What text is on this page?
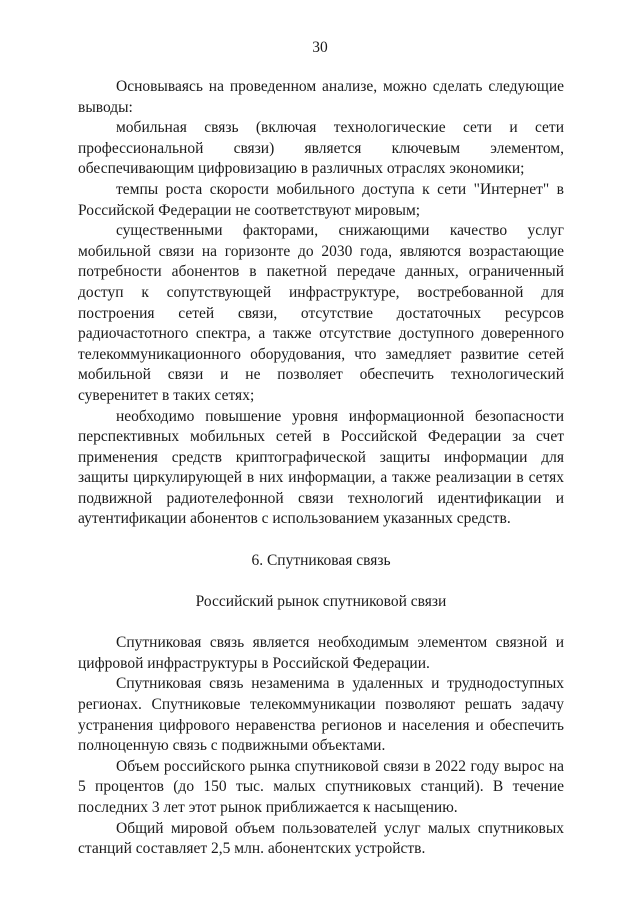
30

Основываясь на проведенном анализе, можно сделать следующие выводы:

мобильная связь (включая технологические сети и сети профессиональной связи) является ключевым элементом, обеспечивающим цифровизацию в различных отраслях экономики;

темпы роста скорости мобильного доступа к сети "Интернет" в Российской Федерации не соответствуют мировым;

существенными факторами, снижающими качество услуг мобильной связи на горизонте до 2030 года, являются возрастающие потребности абонентов в пакетной передаче данных, ограниченный доступ к сопутствующей инфраструктуре, востребованной для построения сетей связи, отсутствие достаточных ресурсов радиочастотного спектра, а также отсутствие доступного доверенного телекоммуникационного оборудования, что замедляет развитие сетей мобильной связи и не позволяет обеспечить технологический суверенитет в таких сетях;

необходимо повышение уровня информационной безопасности перспективных мобильных сетей в Российской Федерации за счет применения средств криптографической защиты информации для защиты циркулирующей в них информации, а также реализации в сетях подвижной радиотелефонной связи технологий идентификации и аутентификации абонентов с использованием указанных средств.

6. Спутниковая связь

Российский рынок спутниковой связи

Спутниковая связь является необходимым элементом связной и цифровой инфраструктуры в Российской Федерации.

Спутниковая связь незаменима в удаленных и труднодоступных регионах. Спутниковые телекоммуникации позволяют решать задачу устранения цифрового неравенства регионов и населения и обеспечить полноценную связь с подвижными объектами.

Объем российского рынка спутниковой связи в 2022 году вырос на 5 процентов (до 150 тыс. малых спутниковых станций). В течение последних 3 лет этот рынок приближается к насыщению.

Общий мировой объем пользователей услуг малых спутниковых станций составляет 2,5 млн. абонентских устройств.
